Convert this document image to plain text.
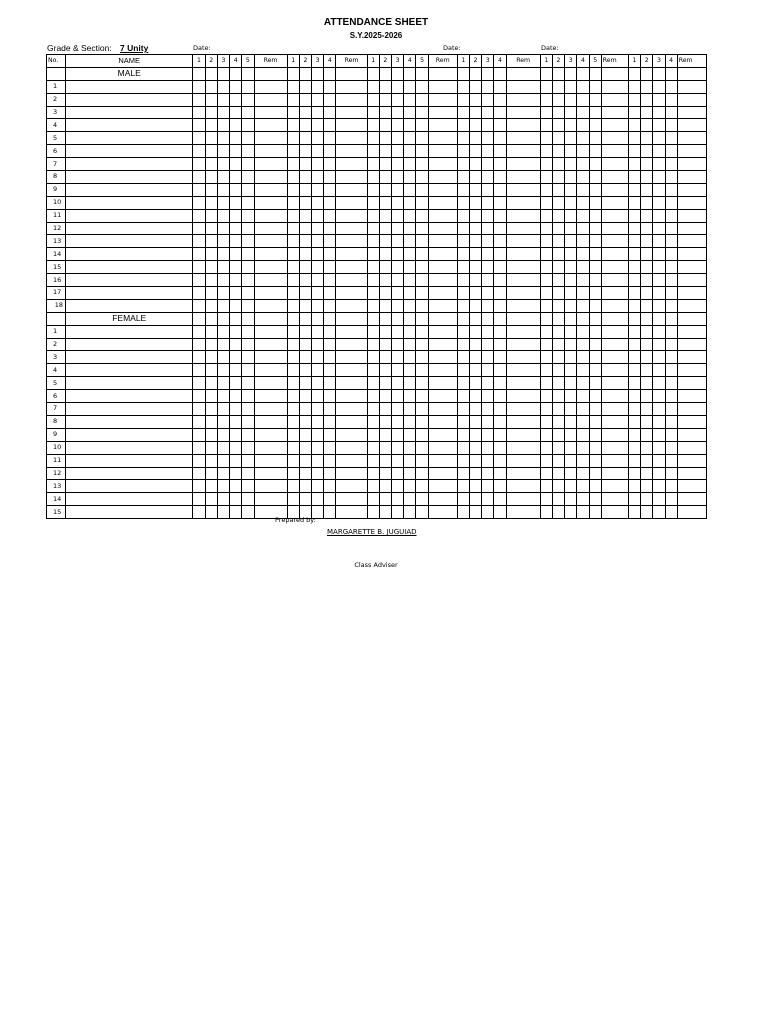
ATTENDANCE SHEET
S.Y.2025-2026
Grade & Section: 7 Unity	Date:	Date:	Date:
No.	NAME	1	2	3	4	5	Rem	1	2	3	4	Rem	1	2	3	4	5	Rem	1	2	3	4	Rem	1	2	3	4	5	Rem	1	2	3	4	Rem
	MALE																																	
1																																		
2																																		
3																																		
4																																		
5																																		
6																																		
7																																		
8																																		
9																																		
10																																		
11																																		
12																																		
13																																		
14																																		
15																																		
16																																		
17																																		
18																																		
	FEMALE																																	
1																																		
2																																		
3																																		
4																																		
5																																		
6																																		
7																																		
8																																		
9																																		
10																																		
11																																		
12																																		
13																																		
14																																		
15																																		
Prepared by:
MARGARETTE B. JUGUIAD
Class Adviser
